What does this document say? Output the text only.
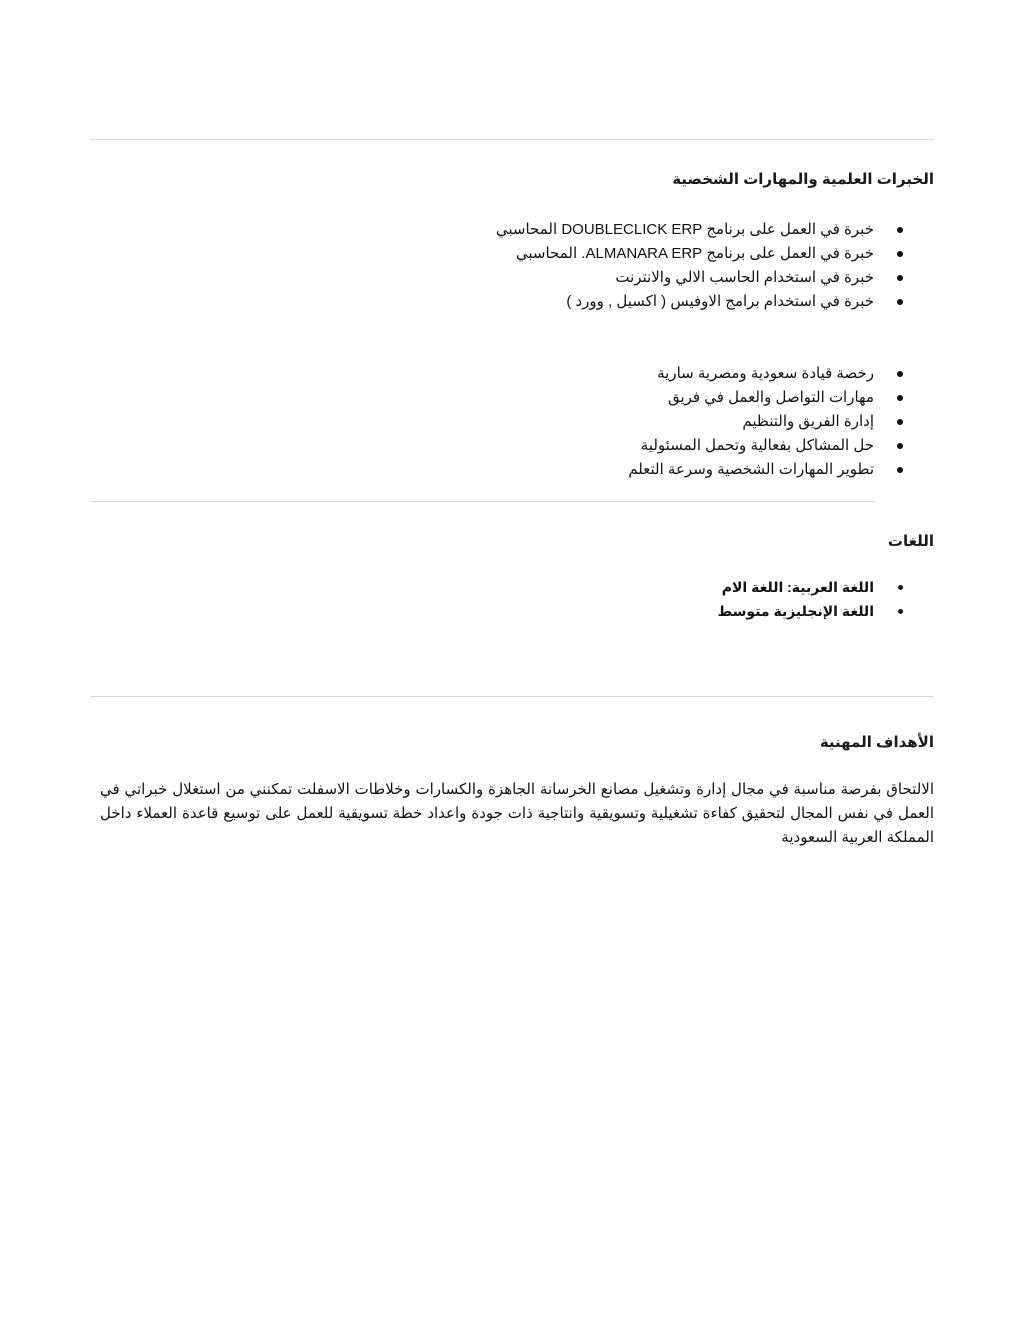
الخبرات العلمية والمهارات الشخصية
خبرة في العمل على برنامج DOUBLECLICK ERP المحاسبي
خبرة في العمل على برنامج ALMANARA ERP. المحاسبي
خبرة في استخدام الحاسب الالي والانترنت
خبرة في استخدام برامج الاوفيس ( اكسيل , وورد )
رخصة قيادة سعودية ومصرية سارية
مهارات التواصل والعمل في فريق
إدارة الفريق والتنظيم
حل المشاكل بفعالية وتحمل المسئولية
تطوير المهارات الشخصية وسرعة التعلم
اللغات
اللغة العربية: اللغة الام
اللغة الإنجليزية متوسط
الأهداف المهنية
الالتحاق بفرصة مناسبة في مجال إدارة وتشغيل مصانع الخرسانة الجاهزة والكسارات وخلاطات الاسفلت تمكنني من استغلال خبراتي في العمل في نفس المجال لتحقيق كفاءة تشغيلية وتسويقية وانتاجية ذات جودة واعداد خطة تسويقية للعمل على توسيع قاعدة العملاء داخل المملكة العربية السعودية
